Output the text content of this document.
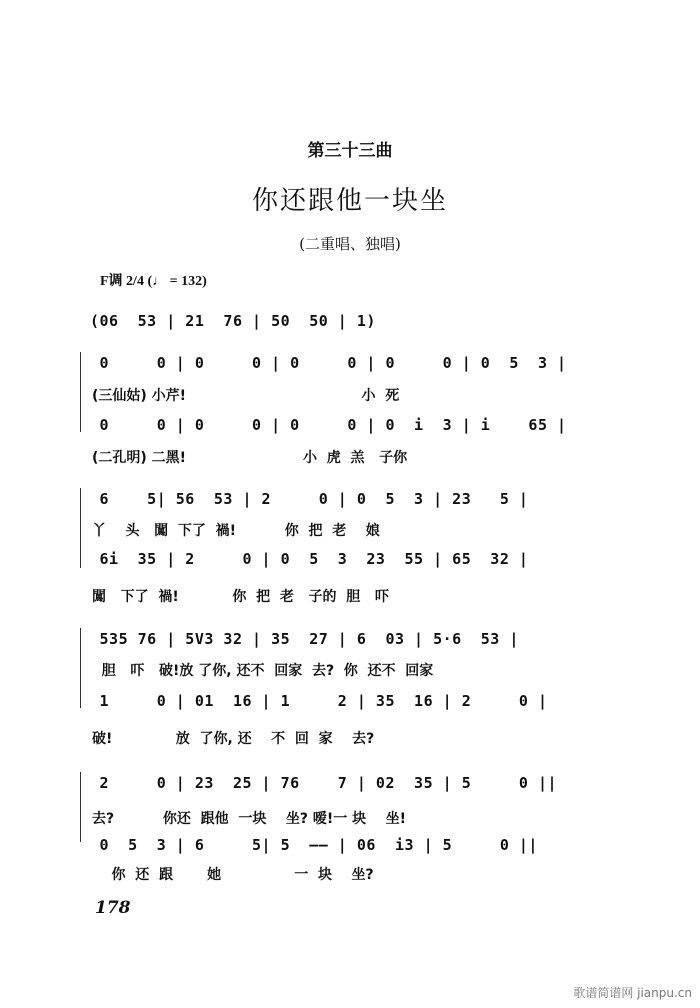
第三十三曲
你还跟他一块坐
(二重唱、独唱)
F调 2/4 (♩ = 132)
(06  53 | 21  76 | 50  50 | 1)
0     0 | 0     0 | 0     0 | 0     0 | 0  5  3 |
(三仙姑) 小芹!                                    小  死
0     0 | 0     0 | 0     0 | 0  i  3 | i    65 |
(二孔明) 二黑!                        小  虎  羔   子你
6    5| 56  53 | 2     0 | 0  5  3 | 23   5 |
丫    头   闖  下了  禍!          你  把  老    娘
6i  35 | 2     0 | 0  5  3  23  55 | 65  32 |
闖   下了  禍!           你  把  老   子的  胆   吓
535 76 | 5V3 32 | 35  27 | 6  03 | 5·6  53 |
胆   吓   破!放 了你, 还不  回家  去?  你  还不  回家
1     0 | 01  16 | 1     2 | 35  16 | 2     0 |
破!             放  了你, 还    不  回  家    去?
2     0 | 23  25 | 76    7 | 02  35 | 5     0 ||
去?          你还  跟他  一块    坐? 嗳!一 块    坐!
0  5  3 | 6     5| 5  —— | 06  i3 | 5     0 ||
你  还  跟       她               一  块    坐?
178
歌谱简谱网 jianpu.cn
